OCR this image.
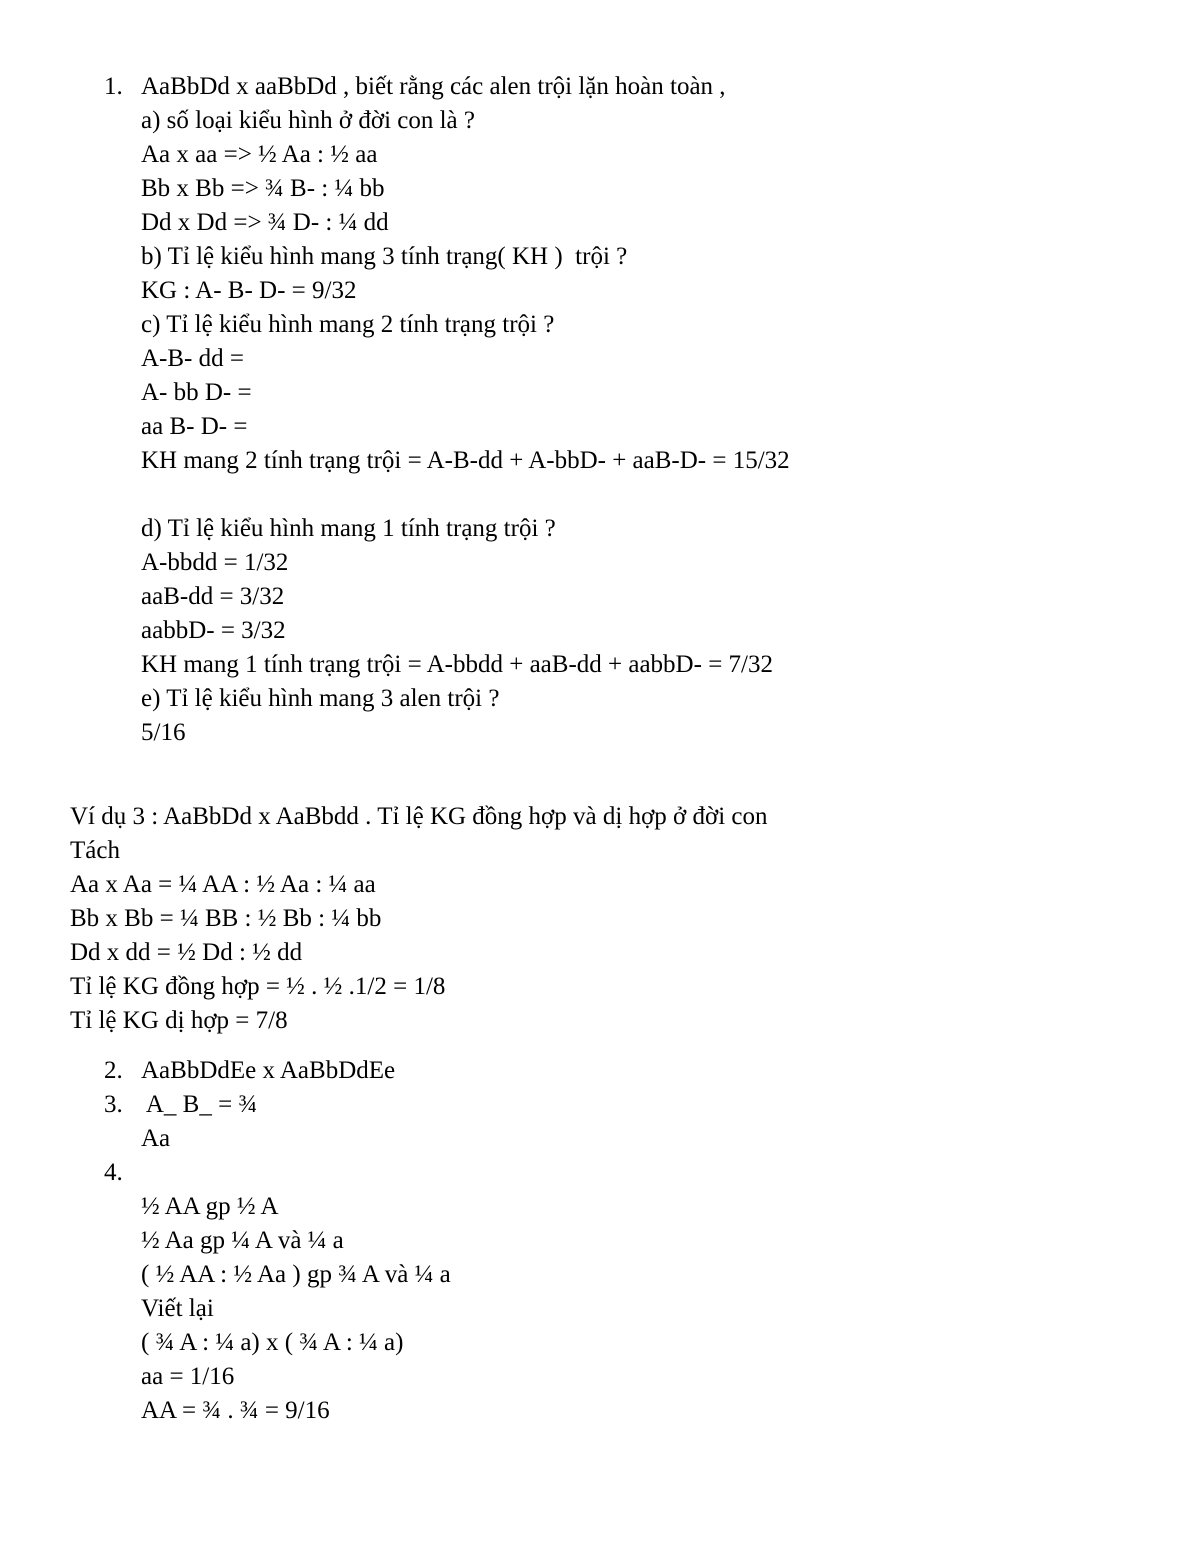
1. AaBbDd x aaBbDd , biết rằng các alen trội lặn hoàn toàn ,
a) số loại kiểu hình ở đời con là ?
Aa x aa => ½ Aa : ½ aa
Bb x Bb => ¾ B- : ¼ bb
Dd x Dd => ¾ D- : ¼ dd
b) Tỉ lệ kiểu hình mang 3 tính trạng( KH )  trội ?
KG : A- B- D- = 9/32
c) Tỉ lệ kiểu hình mang 2 tính trạng trội ?
A-B- dd =
A- bb D- =
aa B- D- =
KH mang 2 tính trạng trội = A-B-dd + A-bbD- + aaB-D- = 15/32
d) Tỉ lệ kiểu hình mang 1 tính trạng trội ?
A-bbdd = 1/32
aaB-dd = 3/32
aabbD- = 3/32
KH mang 1 tính trạng trội = A-bbdd + aaB-dd + aabbD- = 7/32
e) Tỉ lệ kiểu hình mang 3 alen trội ?
5/16
Ví dụ 3 : AaBbDd x AaBbdd . Tỉ lệ KG đồng hợp và dị hợp ở đời con
Tách
Aa x Aa = ¼ AA : ½ Aa : ¼ aa
Bb x Bb = ¼ BB : ½ Bb : ¼ bb
Dd x dd = ½ Dd : ½ dd
Tỉ lệ KG đồng hợp = ½ . ½ .1/2 = 1/8
Tỉ lệ KG dị hợp = 7/8
2. AaBbDdEe x AaBbDdEe
3. A_ B_ = ¾
Aa
4.
½ AA gp ½ A
½ Aa gp ¼ A và ¼ a
( ½ AA : ½ Aa ) gp ¾ A và ¼ a
Viết lại
( ¾ A : ¼ a) x ( ¾ A : ¼ a)
aa = 1/16
AA = ¾ . ¾ = 9/16
